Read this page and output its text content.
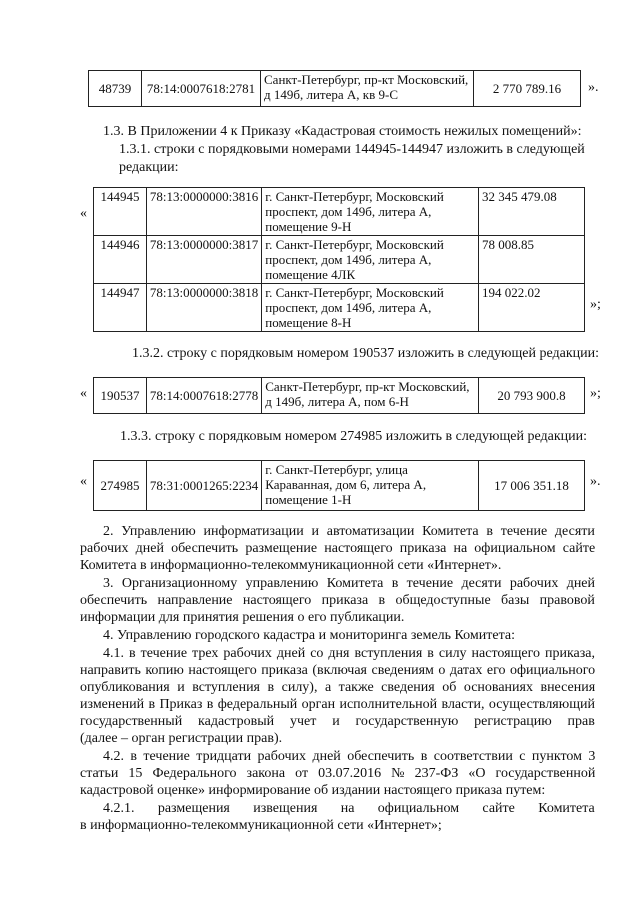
48739	78:14:0007618:2781	
Санкт-Петербург, пр-кт Московский,
д 149б, литера А, кв 9-С	2 770 789.16 ».
1.3. В Приложении 4 к Приказу «Кадастровая стоимость нежилых помещений»:
1.3.1. строки с порядковыми номерами 144945-144947 изложить в следующей
редакции:
«
144945	78:13:0000000:3816	г. Санкт-Петербург, Московский
проспект, дом 149б, литера А,
помещение 9-Н	32 345 479.08
144946	78:13:0000000:3817	г. Санкт-Петербург, Московский
проспект, дом 149б, литера А,
помещение 4ЛК	78 008.85
144947	78:13:0000000:3818	г. Санкт-Петербург, Московский
проспект, дом 149б, литера А,
помещение 8-Н	194 022.02
»;
1.3.2. строку с порядковым номером 190537 изложить в следующей редакции:
190537	78:14:0007618:2778	
Санкт-Петербург, пр-кт Московский,
д 149б, литера А, пом 6-Н	20 793 900.8
«	»;
1.3.3. строку с порядковым номером 274985 изложить в следующей редакции:
274985	78:31:0001265:2234	
г. Санкт-Петербург, улица
Караванная, дом 6, литера А,
помещение 1-Н
	17 006 351.18
«	».
2. Управлению информатизации и автоматизации Комитета в течение десяти
рабочих дней обеспечить размещение настоящего приказа на официальном сайте
Комитета в информационно-телекоммуникационной сети «Интернет».
3. Организационному управлению Комитета в течение десяти рабочих дней
обеспечить направление настоящего приказа в общедоступные базы правовой
информации для принятия решения о его публикации.
4. Управлению городского кадастра и мониторинга земель Комитета:
4.1. в течение трех рабочих дней со дня вступления в силу настоящего приказа,
направить копию настоящего приказа (включая сведениям о датах его официального
опубликования и вступления в силу), а также сведения об основаниях внесения
изменений в Приказ в федеральный орган исполнительной власти, осуществляющий
государственный кадастровый учет и государственную регистрацию прав
(далее – орган регистрации прав).
4.2. в течение тридцати рабочих дней обеспечить в соответствии с пунктом 3
статьи 15 Федерального закона от 03.07.2016 № 237-ФЗ «О государственной
кадастровой оценке» информирование об издании настоящего приказа путем:
4.2.1. размещения извещения на официальном сайте Комитета
в информационно-телекоммуникационной сети «Интернет»;
